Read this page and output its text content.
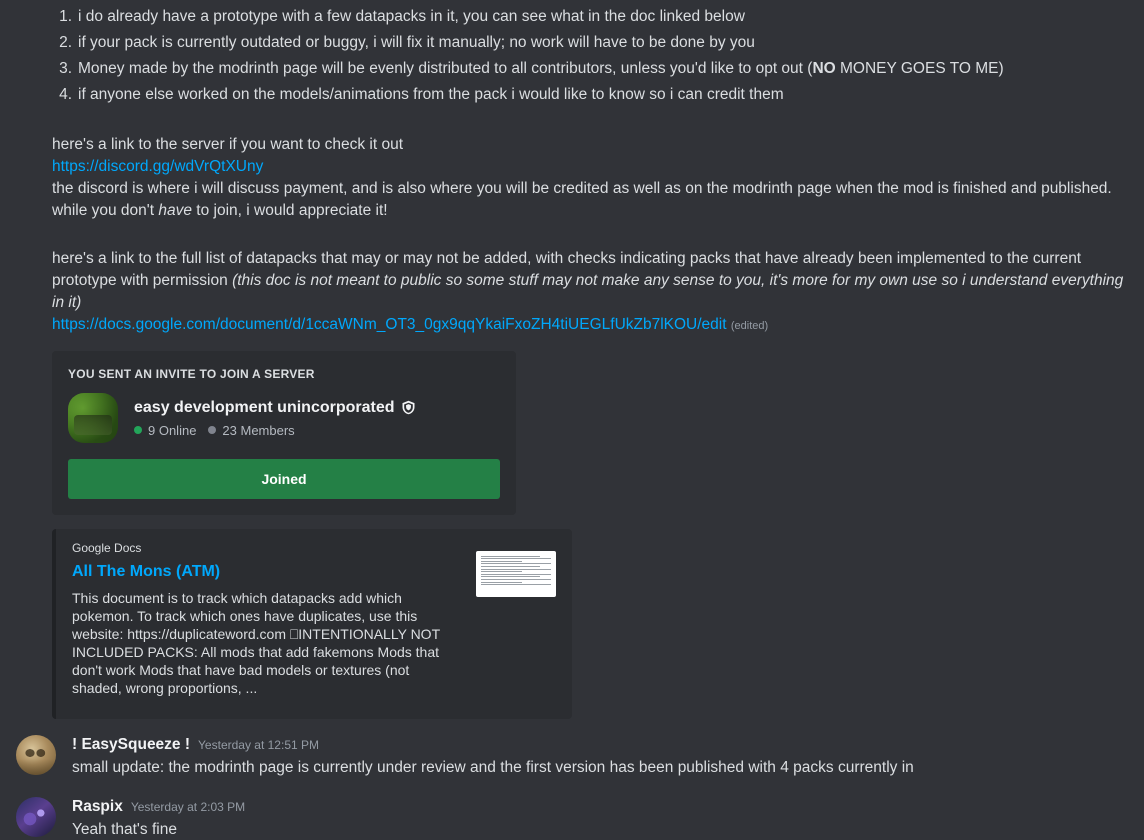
i do already have a prototype with a few datapacks in it, you can see what in the doc linked below
if your pack is currently outdated or buggy, i will fix it manually; no work will have to be done by you
Money made by the modrinth page will be evenly distributed to all contributors, unless you'd like to opt out (NO MONEY GOES TO ME)
if anyone else worked on the models/animations from the pack i would like to know so i can credit them
here's a link to the server if you want to check it out
https://discord.gg/wdVrQtXUny
the discord is where i will discuss payment, and is also where you will be credited as well as on the modrinth page when the mod is finished and published. while you don't have to join, i would appreciate it!
here's a link to the full list of datapacks that may or may not be added, with checks indicating packs that have already been implemented to the current prototype with permission (this doc is not meant to public so some stuff may not make any sense to you, it's more for my own use so i understand everything in it)
https://docs.google.com/document/d/1ccaWNm_OT3_0gx9qqYkaiFxoZH4tiUEGLfUkZb7lKOU/edit (edited)
YOU SENT AN INVITE TO JOIN A SERVER
easy development unincorporated
9 Online 23 Members
Joined
Google Docs
All The Mons (ATM)
This document is to track which datapacks add which pokemon. To track which ones have duplicates, use this website: https://duplicateword.com ⎕INTENTIONALLY NOT INCLUDED PACKS: All mods that add fakemons Mods that don't work Mods that have bad models or textures (not shaded, wrong proportions, ...
! EasySqueeze ! Yesterday at 12:51 PM
small update: the modrinth page is currently under review and the first version has been published with 4 packs currently in
Raspix Yesterday at 2:03 PM
Yeah that's fine
